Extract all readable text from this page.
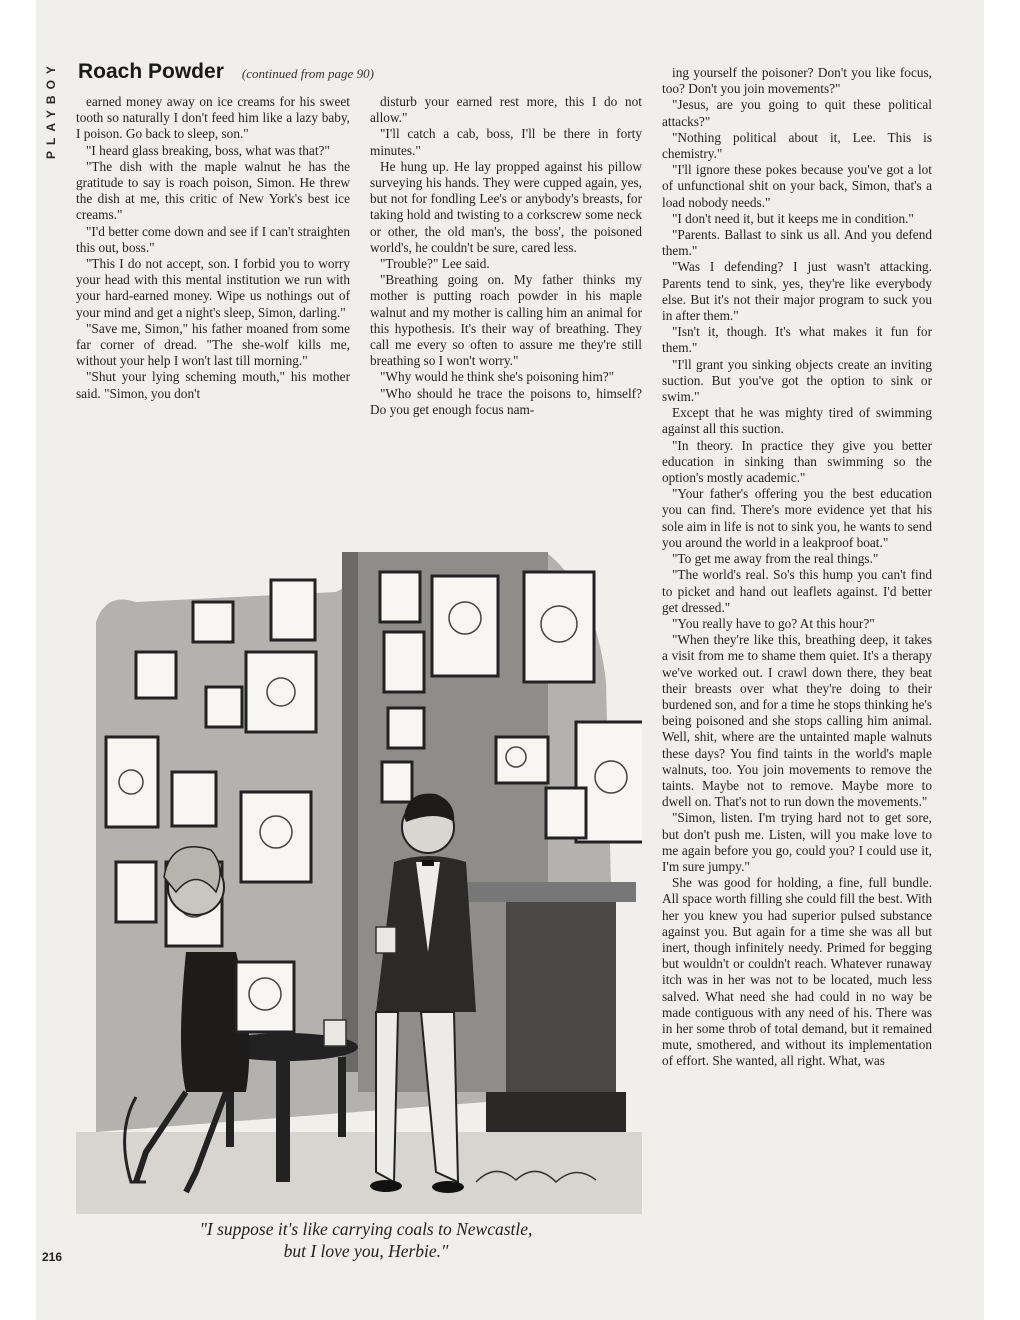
PLAYBOY Roach Powder (continued from page 90)

earned money away on ice creams for his sweet tooth so naturally I don't feed him like a lazy baby, I poison. Go back to sleep, son."

"I heard glass breaking, boss, what was that?"

"The dish with the maple walnut he has the gratitude to say is roach poison, Simon. He threw the dish at me, this critic of New York's best ice creams."

"I'd better come down and see if I can't straighten this out, boss."

"This I do not accept, son. I forbid you to worry your head with this mental institution we run with your hard-earned money. Wipe us nothings out of your mind and get a night's sleep, Simon, darling."

"Save me, Simon," his father moaned from some far corner of dread. "The she-wolf kills me, without your help I won't last till morning."

"Shut your lying scheming mouth," his mother said. "Simon, you don't

disturb your earned rest more, this I do not allow."

"I'll catch a cab, boss, I'll be there in forty minutes."

He hung up. He lay propped against his pillow surveying his hands. They were cupped again, yes, but not for fondling Lee's or anybody's breasts, for taking hold and twisting to a corkscrew some neck or other, the old man's, the boss', the poisoned world's, he couldn't be sure, cared less.

"Trouble?" Lee said.

"Breathing going on. My father thinks my mother is putting roach powder in his maple walnut and my mother is calling him an animal for this hypothesis. It's their way of breathing. They call me every so often to assure me they're still breathing so I won't worry."

"Why would he think she's poisoning him?"

"Who should he trace the poisons to, himself? Do you get enough focus nam-

ing yourself the poisoner? Don't you like focus, too? Don't you join movements?"

"Jesus, are you going to quit these political attacks?"

"Nothing political about it, Lee. This is chemistry."

"I'll ignore these pokes because you've got a lot of unfunctional shit on your back, Simon, that's a load nobody needs."

"I don't need it, but it keeps me in condition."

"Parents. Ballast to sink us all. And you defend them."

"Was I defending? I just wasn't attacking. Parents tend to sink, yes, they're like everybody else. But it's not their major program to suck you in after them."

"Isn't it, though. It's what makes it fun for them."

"I'll grant you sinking objects create an inviting suction. But you've got the option to sink or swim."

Except that he was mighty tired of swimming against all this suction.

"In theory. In practice they give you better education in sinking than swimming so the option's mostly academic."

"Your father's offering you the best education you can find. There's more evidence yet that his sole aim in life is not to sink you, he wants to send you around the world in a leakproof boat."

"To get me away from the real things."

"The world's real. So's this hump you can't find to picket and hand out leaflets against. I'd better get dressed."

"You really have to go? At this hour?"

"When they're like this, breathing deep, it takes a visit from me to shame them quiet. It's a therapy we've worked out. I crawl down there, they beat their breasts over what they're doing to their burdened son, and for a time he stops thinking he's being poisoned and she stops calling him animal. Well, shit, where are the untainted maple walnuts these days? You find taints in the world's maple walnuts, too. You join movements to remove the taints. Maybe not to remove. Maybe more to dwell on. That's not to run down the movements."

"Simon, listen. I'm trying hard not to get sore, but don't push me. Listen, will you make love to me again before you go, could you? I could use it, I'm sure jumpy."

She was good for holding, a fine, full bundle. All space worth filling she could fill the best. With her you knew you had superior pulsed substance against you. But again for a time she was all but inert, though infinitely needy. Primed for begging but wouldn't or couldn't reach. Whatever runaway itch was in her was not to be located, much less salved. What need she had could in no way be made contiguous with any need of his. There was in her some throb of total demand, but it remained mute, smothered, and without its implementation of effort. She wanted, all right. What, was

"I suppose it's like carrying coals to Newcastle,
but I love you, Herbie."
216
